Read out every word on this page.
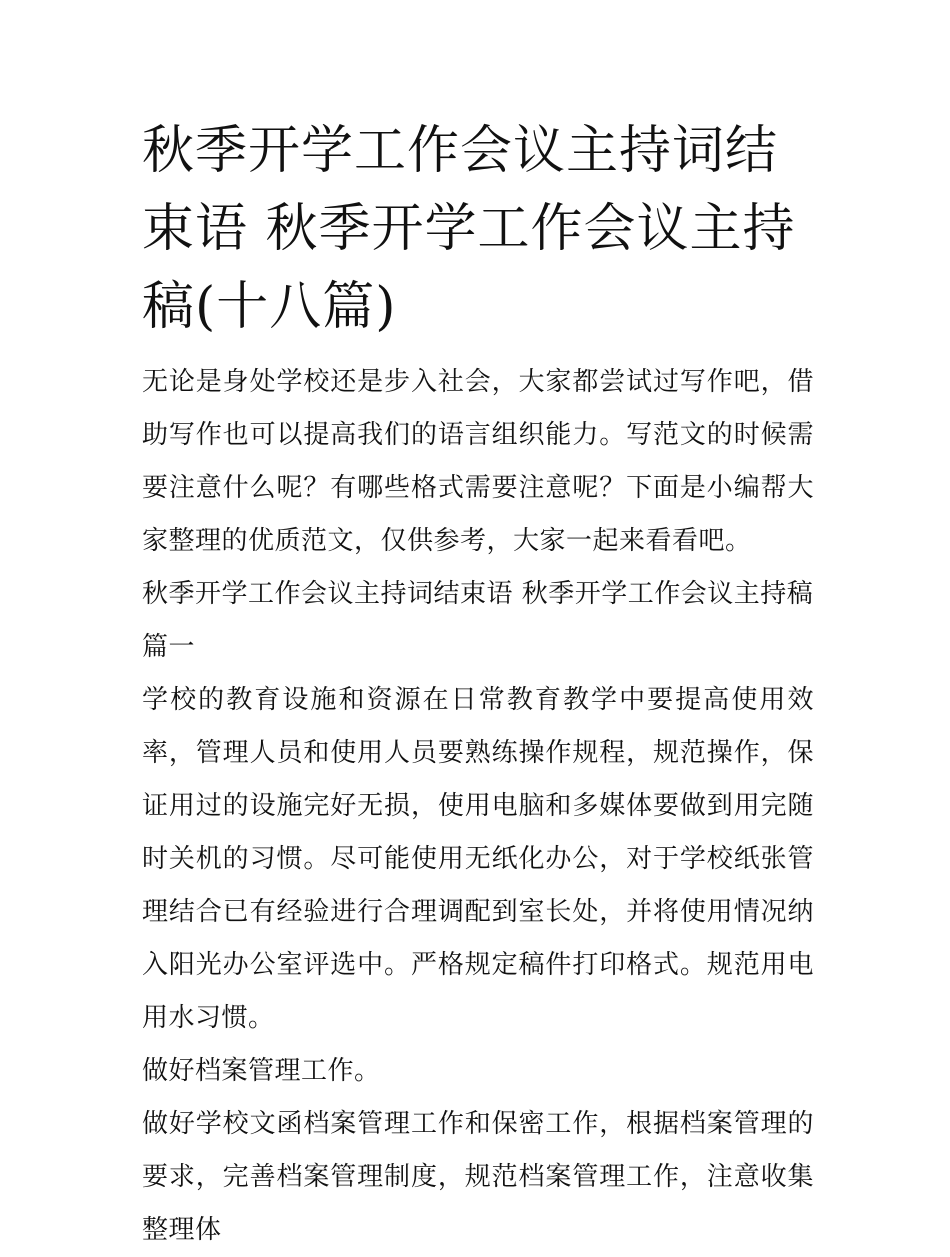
秋季开学工作会议主持词结束语 秋季开学工作会议主持稿(十八篇)

无论是身处学校还是步入社会，大家都尝试过写作吧，借助写作也可以提高我们的语言组织能力。写范文的时候需要注意什么呢？有哪些格式需要注意呢？下面是小编帮大家整理的优质范文，仅供参考，大家一起来看看吧。

秋季开学工作会议主持词结束语 秋季开学工作会议主持稿篇一

学校的教育设施和资源在日常教育教学中要提高使用效率，管理人员和使用人员要熟练操作规程，规范操作，保证用过的设施完好无损，使用电脑和多媒体要做到用完随时关机的习惯。尽可能使用无纸化办公，对于学校纸张管理结合已有经验进行合理调配到室长处，并将使用情况纳入阳光办公室评选中。严格规定稿件打印格式。规范用电用水习惯。

做好档案管理工作。

做好学校文函档案管理工作和保密工作，根据档案管理的要求，完善档案管理制度，规范档案管理工作，注意收集整理体
